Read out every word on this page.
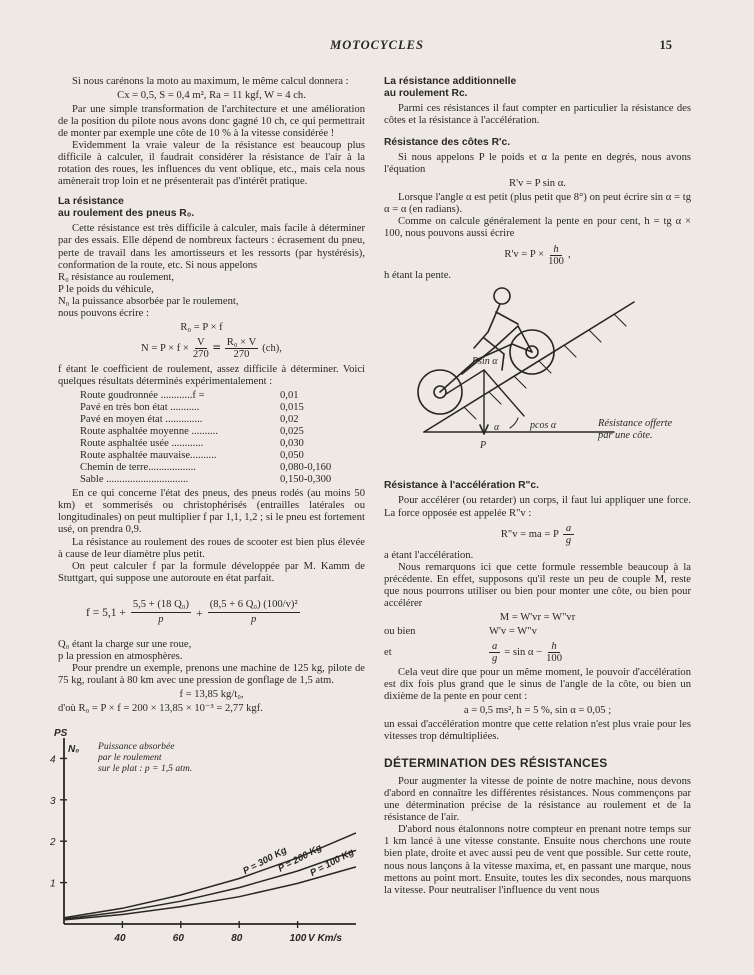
MOTOCYCLES	15

Si nous carénons la moto au maximum, le même calcul donnera :

Cx = 0,5, S = 0,4 m², Ra = 11 kgf, W = 4 ch.

Par une simple transformation de l'architecture et une amélioration de la position du pilote nous avons donc gagné 10 ch, ce qui permettrait de monter par exemple une côte de 10 % à la vitesse considérée !

Evidemment la vraie valeur de la résistance est beaucoup plus difficile à calculer, il faudrait considérer la résistance de l'air à la rotation des roues, les influences du vent oblique, etc., mais cela nous amènerait trop loin et ne présenterait pas d'intérêt pratique.

La résistance
au roulement des pneus R₀.

Cette résistance est très difficile à calculer, mais facile à déterminer par des essais. Elle dépend de nombreux facteurs : écrasement du pneu, perte de travail dans les amortisseurs et les ressorts (par hystérésis), conformation de la route, etc. Si nous appelons

R₀ résistance au roulement,

P le poids du véhicule,

N₀ la puissance absorbée par le roulement,

nous pouvons écrire :

R₀ = P × f
$N = P \times f \times \frac{V}{270} = \frac{\text{R₀ × V}}{270} (ch)$,

f étant le coefficient de roulement, assez difficile à déterminer. Voici quelques résultats déterminés expérimentalement :

Route goudronnée ............f =	0,01
Pavé en très bon état ...........	0,015
Pavé en moyen état ..............	0,02
Route asphaltée moyenne ..........	0,025
Route asphaltée usée ............	0,030
Route asphaltée mauvaise..........	0,050
Chemin de terre..................	0,080-0,160
Sable ...............................	0,150-0,300

En ce qui concerne l'état des pneus, des pneus rodés (au moins 50 km) et sommerisés ou christophérisés (entrailles latérales ou longitudinales) on peut multiplier f par 1,1, 1,2 ; si le pneu est fortement usé, on prendra 0,9.

La résistance au roulement des roues de scooter est bien plus élevée à cause de leur diamètre plus petit.

On peut calculer f par la formule développée par M. Kamm de Stuttgart, qui suppose une autoroute en état parfait.

$f = 5,1 + \frac{\text{5,5 + (18 Q₀)}}{p} + \frac{\text{(8,5 + 6 Q₀) (100/v)²}}{p}$

Q₀ étant la charge sur une roue,

p la pression en atmosphères.

Pour prendre un exemple, prenons une machine de 125 kg, pilote de 75 kg, roulant à 80 km avec une pression de gonflage de 1,5 atm.

f = 13,85 kg/t₀,

d'où R₀ = P × f = 200 × 13,85 × 10⁻³ = 2,77 kgf.

1
2
3
4
40	60	80	100
PS
N₀
V Km/s
Puissance absorbée
par le roulement
sur le plat : p = 1,5 atm.
P = 300 Kg
P = 200 Kg
P = 100 Kg
La résistance additionnelle
au roulement Rc.

Parmi ces résistances il faut compter en particulier la résistance des côtes et la résistance à l'accélération.

Résistance des côtes R'c.

Si nous appelons P le poids et α la pente en degrés, nous avons l'équation

R'v = P sin α.

Lorsque l'angle α est petit (plus petit que 8°) on peut écrire sin α = tg α = α (en radians).

Comme on calcule généralement la pente en pour cent, h = tg α × 100, nous pouvons aussi écrire

$R'v = P \times \frac{h}{100}$ ,

h étant la pente.

Résistance à l'accélération R"c.

Pour accélérer (ou retarder) un corps, il faut lui appliquer une force. La force opposée est appelée R"v :

R"v = ma = P $\frac{a}{g}$

a étant l'accélération.

Nous remarquons ici que cette formule ressemble beaucoup à la précédente. En effet, supposons qu'il reste un peu de couple M, reste que nous pourrons utiliser ou bien pour monter une côte, ou bien pour accélérer

M = W'vr = W"vr
ou bien	W'v = W"v
et	$\frac{a}{g} = \sin \alpha - \frac{h}{100}$

Cela veut dire que pour un même moment, le pouvoir d'accélération est dix fois plus grand que le sinus de l'angle de la côte, ou bien un dixième de la pente en pour cent :

a = 0,5 ms², h = 5 %, sin α = 0,05 ;

un essai d'accélération montre que cette relation n'est plus vraie pour les vitesses trop démultipliées.

DÉTERMINATION DES RÉSISTANCES

Pour augmenter la vitesse de pointe de notre machine, nous devons d'abord en connaître les différentes résistances. Nous commençons par une détermination précise de la résistance au roulement et de la résistance de l'air.

D'abord nous étalonnons notre compteur en prenant notre temps sur 1 km lancé à une vitesse constante. Ensuite nous cherchons une route bien plate, droite et avec aussi peu de vent que possible. Sur cette route, nous nous lançons à la vitesse maxima, et, en passant une marque, nous mettons au point mort. Ensuite, toutes les dix secondes, nous marquons la vitesse. Pour neutraliser l'influence du vent nous

Psin α
pcos α
α
P
Résistance offerte
par une côte.
